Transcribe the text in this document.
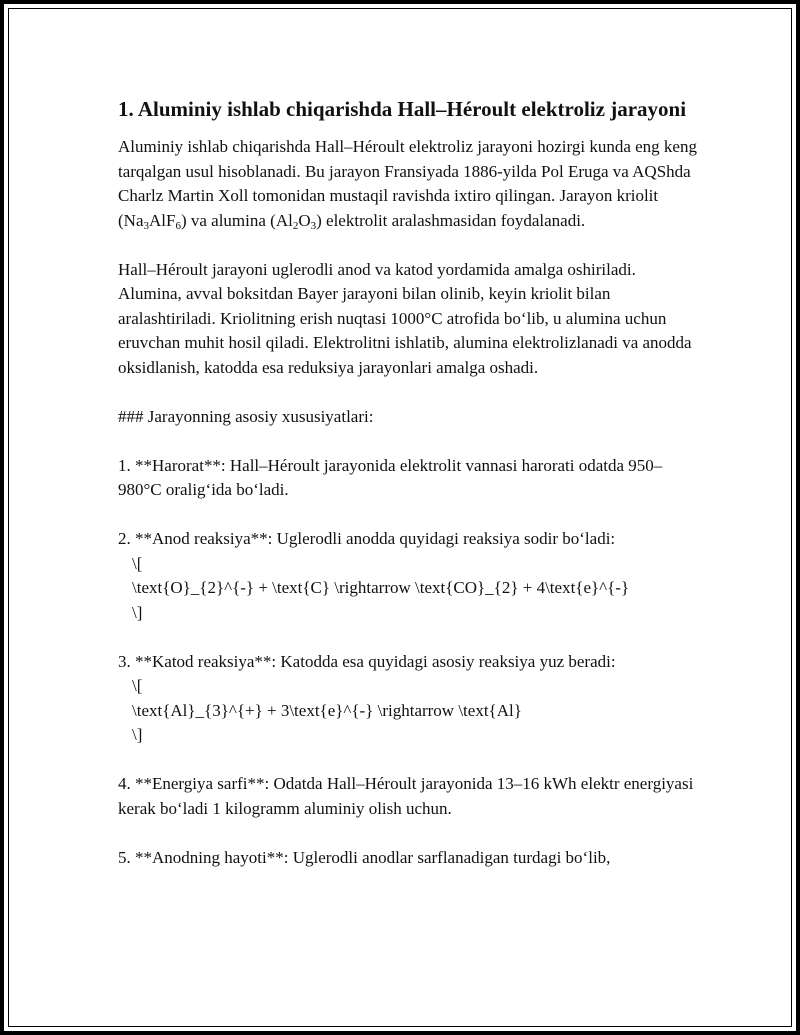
1. Aluminiy ishlab chiqarishda Hall–Héroult elektroliz jarayoni

Aluminiy ishlab chiqarishda Hall–Héroult elektroliz jarayoni hozirgi kunda eng keng tarqalgan usul hisoblanadi. Bu jarayon Fransiyada 1886-yilda Pol Eruga va AQShda Charlz Martin Xoll tomonidan mustaqil ravishda ixtiro qilingan. Jarayon kriolit $(Na_3AlF_6)$ va alumina $(Al_2O_3)$ elektrolit aralashmasidan foydalanadi.

Hall–Héroult jarayoni uglerodli anod va katod yordamida amalga oshiriladi. Alumina, avval boksitdan Bayer jarayoni bilan olinib, keyin kriolit bilan aralashtiriladi. Kriolitning erish nuqtasi 1000°C atrofida bo‘lib, u alumina uchun eruvchan muhit hosil qiladi. Elektrolitni ishlatib, alumina elektrolizlanadi va anodda oksidlanish, katodda esa reduksiya jarayonlari amalga oshadi.

### Jarayonning asosiy xususiyatlari:

1. **Harorat**: Hall–Héroult jarayonida elektrolit vannasi harorati odatda 950–980°C oralig‘ida bo‘ladi.

2. **Anod reaksiya**: Uglerodli anodda quyidagi reaksiya sodir bo‘ladi:

\[

\text{O}_{2}^{-} + \text{C} \rightarrow \text{CO}_{2} + 4\text{e}^{-}

\]

3. **Katod reaksiya**: Katodda esa quyidagi asosiy reaksiya yuz beradi:

\[

\text{Al}_{3}^{+} + 3\text{e}^{-} \rightarrow \text{Al}

\]

4. **Energiya sarfi**: Odatda Hall–Héroult jarayonida 13–16 kWh elektr energiyasi kerak bo‘ladi 1 kilogramm aluminiy olish uchun.

5. **Anodning hayoti**: Uglerodli anodlar sarflanadigan turdagi bo‘lib,
